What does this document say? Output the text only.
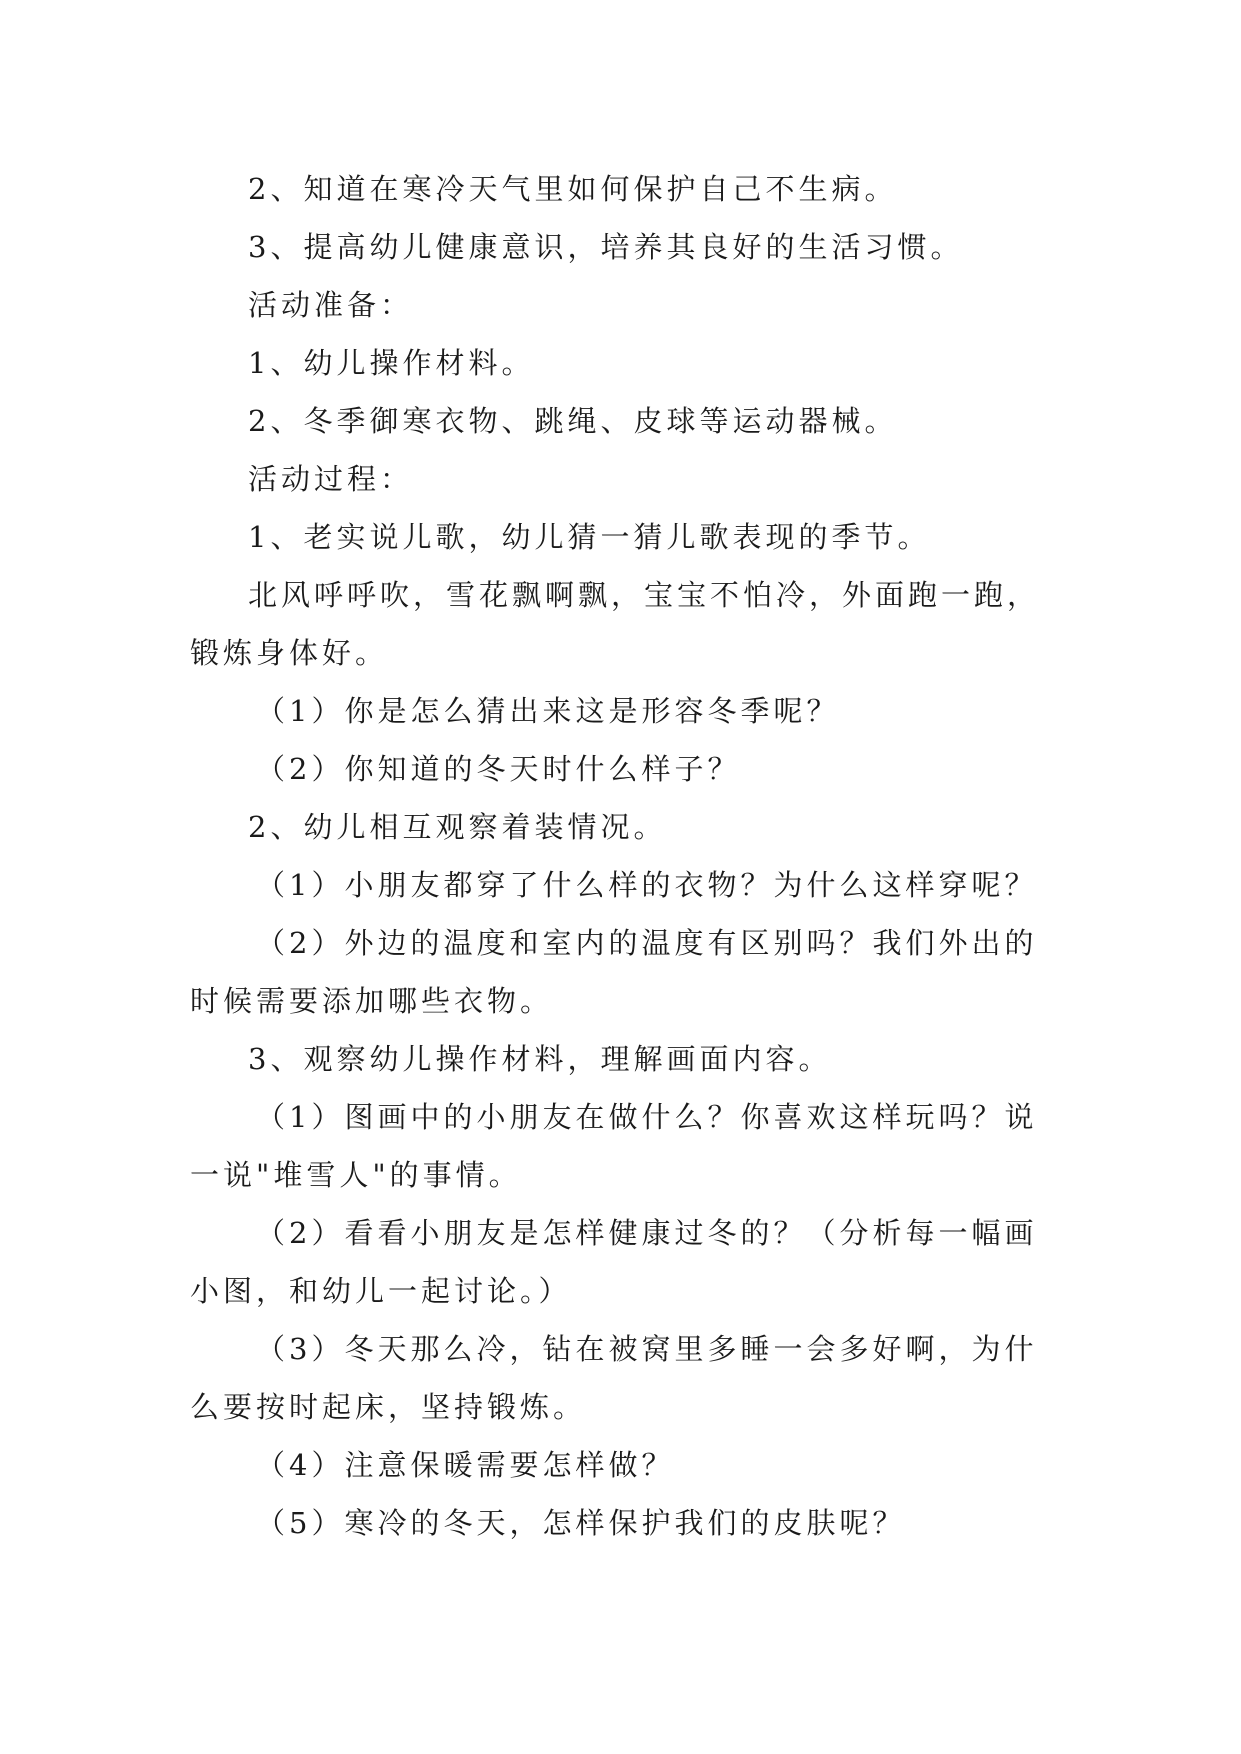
2、知道在寒冷天气里如何保护自己不生病。

3、提高幼儿健康意识，培养其良好的生活习惯。

活动准备：

1、幼儿操作材料。

2、冬季御寒衣物、跳绳、皮球等运动器械。

活动过程：

1、老实说儿歌，幼儿猜一猜儿歌表现的季节。

北风呼呼吹，雪花飘啊飘，宝宝不怕冷，外面跑一跑，锻炼身体好。

（1）你是怎么猜出来这是形容冬季呢？

（2）你知道的冬天时什么样子？

2、幼儿相互观察着装情况。

（1）小朋友都穿了什么样的衣物？为什么这样穿呢？

（2）外边的温度和室内的温度有区别吗？我们外出的时候需要添加哪些衣物。

3、观察幼儿操作材料，理解画面内容。

（1）图画中的小朋友在做什么？你喜欢这样玩吗？说一说"堆雪人"的事情。

（2）看看小朋友是怎样健康过冬的？（分析每一幅画小图，和幼儿一起讨论。）

（3）冬天那么冷，钻在被窝里多睡一会多好啊，为什么要按时起床，坚持锻炼。

（4）注意保暖需要怎样做？

（5）寒冷的冬天，怎样保护我们的皮肤呢？
